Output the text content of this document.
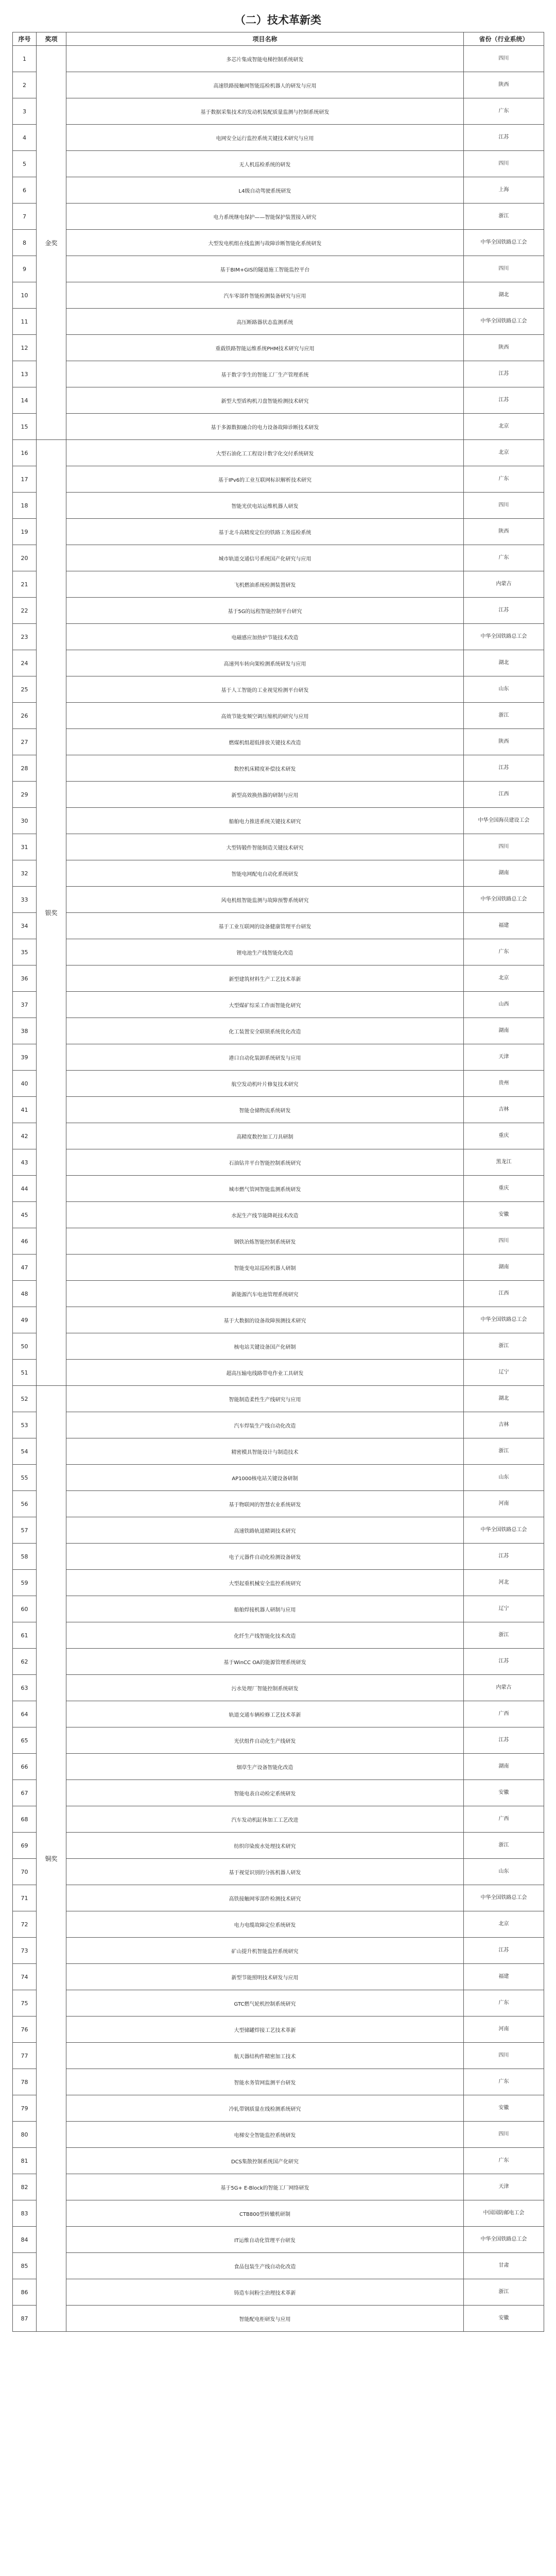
（二）技术革新类
序号	奖项	项目名称	省份（行业系统）
1	金奖	多芯片集成智能电梯控制系统研发	四川
2		高速铁路接触网智能巡检机器人的研发与应用	陕西
3		基于数据采集技术的发动机装配质量监测与控制系统研发	广东
4		电网安全运行监控系统关键技术研究与应用	江苏
5		无人机巡检系统的研发	四川
6		L4级自动驾驶系统研发	上海
7		电力系统继电保护——智能保护装置接入研究	浙江
8		大型发电机组在线监测与故障诊断智能化系统研发	中华全国铁路总工会
9		基于BIM+GIS的隧道施工智能监控平台	四川
10		汽车零部件智能检测装备研究与应用	湖北
11		高压断路器状态监测系统	中华全国铁路总工会
12		重载铁路智能运维系统PHM技术研究与应用	陕西
13		基于数字孪生的智能工厂生产管理系统	江苏
14		新型大型盾构机刀盘智能检测技术研究	江苏
15		基于多源数据融合的电力设备故障诊断技术研发	北京
16	银奖	大型石油化工工程设计数字化交付系统研发	北京
17		基于IPv6的工业互联网标识解析技术研究	广东
18		智能光伏电站运维机器人研发	四川
19		基于北斗高精度定位的铁路工务巡检系统	陕西
20		城市轨道交通信号系统国产化研究与应用	广东
21		飞机燃油系统检测装置研发	内蒙古
22		基于5G的远程智能控制平台研究	江苏
23		电磁感应加热炉节能技术改造	中华全国铁路总工会
24		高速列车转向架检测系统研发与应用	湖北
25		基于人工智能的工业视觉检测平台研发	山东
26		高效节能变频空调压缩机的研究与应用	浙江
27		燃煤机组超低排放关键技术改造	陕西
28		数控机床精度补偿技术研发	江苏
29		新型高效换热器的研制与应用	江西
30		船舶电力推进系统关键技术研究	中华全国海员建设工会
31		大型铸锻件智能制造关键技术研究	四川
32		智能电网配电自动化系统研发	湖南
33		风电机组智能监测与故障预警系统研究	中华全国铁路总工会
34		基于工业互联网的设备健康管理平台研发	福建
35		锂电池生产线智能化改造	广东
36		新型建筑材料生产工艺技术革新	北京
37		大型煤矿综采工作面智能化研究	山西
38		化工装置安全联锁系统优化改造	湖南
39		港口自动化装卸系统研发与应用	天津
40		航空发动机叶片修复技术研究	贵州
41		智能仓储物流系统研发	吉林
42		高精度数控加工刀具研制	重庆
43		石油钻井平台智能控制系统研究	黑龙江
44		城市燃气管网智能监测系统研发	重庆
45		水泥生产线节能降耗技术改造	安徽
46		钢铁冶炼智能控制系统研发	四川
47		智能变电站巡检机器人研制	湖南
48		新能源汽车电池管理系统研究	江西
49		基于大数据的设备故障预测技术研究	中华全国铁路总工会
50		核电站关键设备国产化研制	浙江
51		超高压输电线路带电作业工具研发	辽宁
52	铜奖	智能制造柔性生产线研究与应用	湖北
53		汽车焊装生产线自动化改造	吉林
54		精密模具智能设计与制造技术	浙江
55		AP1000核电站关键设备研制	山东
56		基于物联网的智慧农业系统研发	河南
57		高速铁路轨道精调技术研究	中华全国铁路总工会
58		电子元器件自动化检测设备研发	江苏
59		大型起重机械安全监控系统研究	河北
60		船舶焊接机器人研制与应用	辽宁
61		化纤生产线智能化技术改造	浙江
62		基于WinCC OA的能源管理系统研发	江苏
63		污水处理厂智能控制系统研发	内蒙古
64		轨道交通车辆检修工艺技术革新	广西
65		光伏组件自动化生产线研发	江苏
66		烟草生产设备智能化改造	湖南
67		智能电表自动检定系统研发	安徽
68		汽车发动机缸体加工工艺改进	广西
69		纺织印染废水处理技术研究	浙江
70		基于视觉识别的分拣机器人研发	山东
71		高铁接触网零部件检测技术研究	中华全国铁路总工会
72		电力电缆故障定位系统研发	北京
73		矿山提升机智能监控系统研究	江苏
74		新型节能照明技术研发与应用	福建
75		GTC燃气轮机控制系统研究	广东
76		大型储罐焊接工艺技术革新	河南
77		航天器结构件精密加工技术	四川
78		智能水务管网监测平台研发	广东
79		冷轧带钢质量在线检测系统研究	安徽
80		电梯安全智能监控系统研发	四川
81		DCS集散控制系统国产化研究	广东
82		基于5G+ E-Block的智能工厂网络研发	天津
83		CTB800型转辙机研制	中国国防邮电工会
84		IT运维自动化管理平台研发	中华全国铁路总工会
85		食品包装生产线自动化改造	甘肃
86		铸造车间粉尘治理技术革新	浙江
87		智能配电柜研发与应用	安徽
